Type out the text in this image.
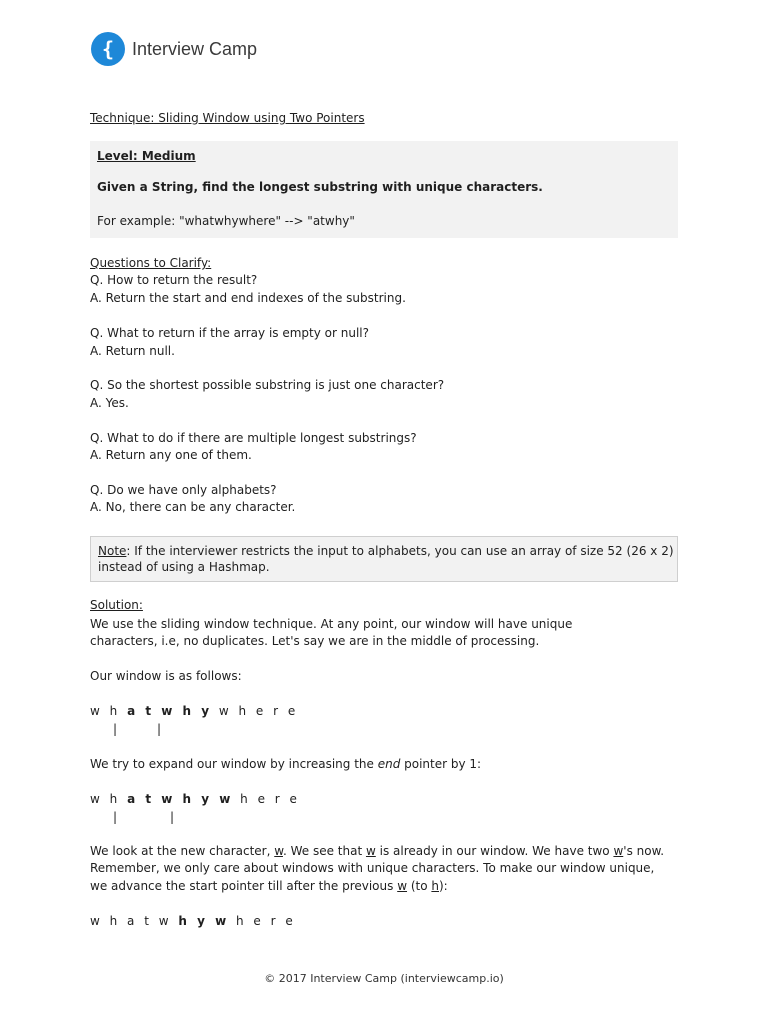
{ Interview Camp
Technique: Sliding Window using Two Pointers
Level: Medium
Given a String, find the longest substring with unique characters.
For example: "whatwhywhere" --> "atwhy"
Questions to Clarify:
Q. How to return the result?
A. Return the start and end indexes of the substring.
Q. What to return if the array is empty or null?
A. Return null.
Q. So the shortest possible substring is just one character?
A. Yes.
Q. What to do if there are multiple longest substrings?
A. Return any one of them.
Q. Do we have only alphabets?
A. No, there can be any character.
Note: If the interviewer restricts the input to alphabets, you can use an array of size 52 (26 x 2)
instead of using a Hashmap.
Solution:
We use the sliding window technique. At any point, our window will have unique
characters, i.e, no duplicates. Let's say we are in the middle of processing.
Our window is as follows:
w h a t w h y w h e r e
|	|
We try to expand our window by increasing the end pointer by 1:
w h a t w h y w h e r e
|	|
We look at the new character, w. We see that w is already in our window. We have two w's now.
Remember, we only care about windows with unique characters. To make our window unique,
we advance the start pointer till after the previous w (to h):
w h a t w h y w h e r e
© 2017 Interview Camp (interviewcamp.io)
